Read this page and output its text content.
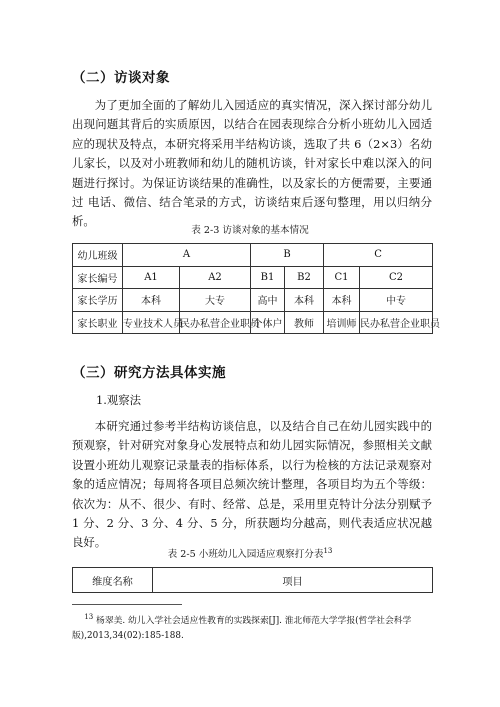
（二）访谈对象

为了更加全面的了解幼儿入园适应的真实情况，深入探讨部分幼儿出现问题其背后的实质原因，以结合在园表现综合分析小班幼儿入园适应的现状及特点，本研究将采用半结构访谈，选取了共 6（2×3）名幼儿家长，以及对小班教师和幼儿的随机访谈，针对家长中难以深入的问题进行探讨。为保证访谈结果的准确性，以及家长的方便需要，主要通过 电话、微信、结合笔录的方式，访谈结束后逐句整理，用以归纳分析。

表 2-3 访谈对象的基本情况
幼儿班级	A		B		C	
家长编号	A1	A2	B1	B2	C1	C2
家长学历	本科	大专	高中	本科	本科	中专
家长职业	专业技术人员	民办私营企业职员	个体户	教师	培训师	民办私营企业职员
（三）研究方法具体实施
1.观察法

本研究通过参考半结构访谈信息，以及结合自己在幼儿园实践中的预观察，针对研究对象身心发展特点和幼儿园实际情况，参照相关文献设置小班幼儿观察记录量表的指标体系，以行为检核的方法记录观察对象的适应情况；每周将各项目总频次统计整理，各项目均为五个等级：依次为：从不、很少、有时、经常、总是，采用里克特计分法分别赋予 1 分、2 分、3 分、4 分、5 分，所获题均分越高，则代表适应状况越良好。

表 2-5 小班幼儿入园适应观察打分表$^{13}$
维度名称	项目

$^{13}$ 杨翠美. 幼儿入学社会适应性教育的实践探索[J]. 淮北师范大学学报(哲学社会科学版),2013,34(02):185-188.
